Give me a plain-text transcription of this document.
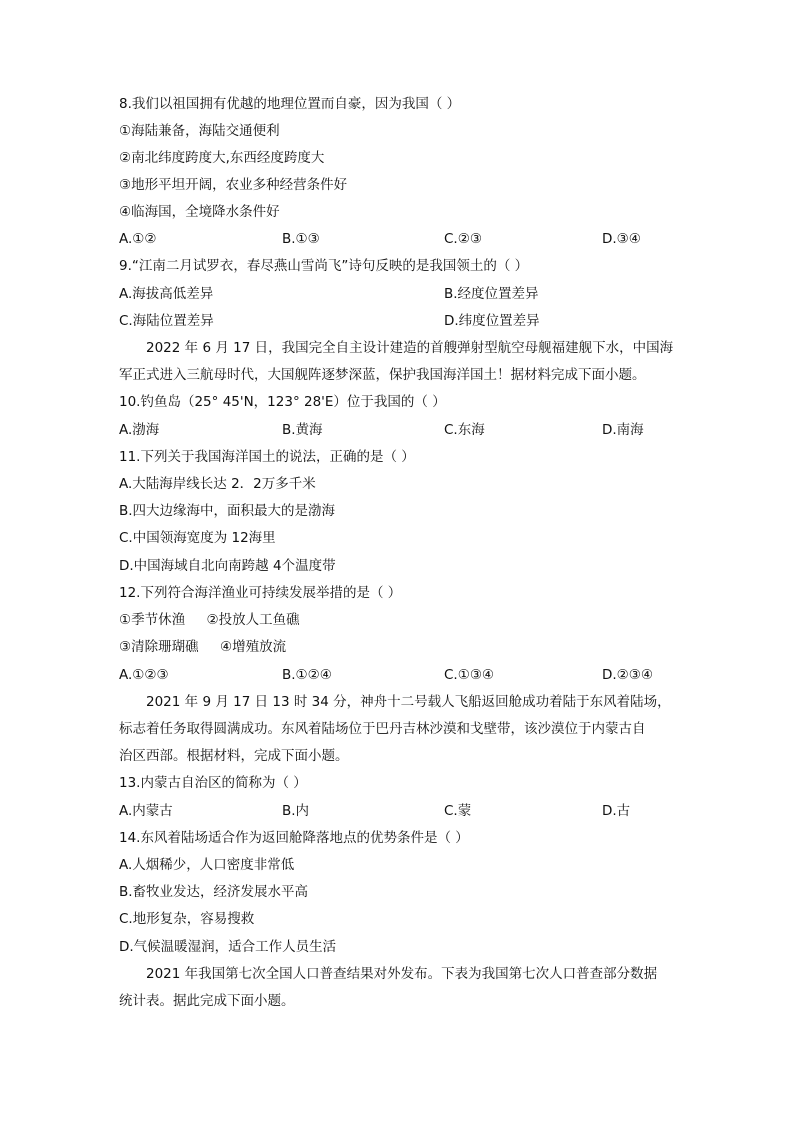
8.我们以祖国拥有优越的地理位置而自豪，因为我国（ ）
①海陆兼备，海陆交通便利
②南北纬度跨度大,东西经度跨度大
③地形平坦开阔，农业多种经营条件好
④临海国，全境降水条件好
A.①②	B.①③	C.②③	D.③④
9.“江南二月试罗衣，春尽燕山雪尚飞”诗句反映的是我国领土的（ ）
A.海拔高低差异	B.经度位置差异
C.海陆位置差异	D.纬度位置差异
2022 年 6 月 17 日，我国完全自主设计建造的首艘弹射型航空母舰福建舰下水，中国海
军正式进入三航母时代，大国舰阵逐梦深蓝，保护我国海洋国土！据材料完成下面小题。
10.钓鱼岛（25° 45'N，123° 28'E）位于我国的（ ）
A.渤海	B.黄海	C.东海	D.南海
11.下列关于我国海洋国土的说法，正确的是（ ）
A.大陆海岸线长达 2．2万多千米
B.四大边缘海中，面积最大的是渤海
C.中国领海宽度为 12海里
D.中国海域自北向南跨越 4个温度带
12.下列符合海洋渔业可持续发展举措的是（ ）
①季节休渔     ②投放人工鱼礁
③清除珊瑚礁     ④增殖放流
A.①②③	B.①②④	C.①③④	D.②③④
2021 年 9 月 17 日 13 时 34 分，神舟十二号载人飞船返回舱成功着陆于东风着陆场，
标志着任务取得圆满成功。东风着陆场位于巴丹吉林沙漠和戈壁带，该沙漠位于内蒙古自
治区西部。根据材料，完成下面小题。
13.内蒙古自治区的简称为（ ）
A.内蒙古	B.内	C.蒙	D.古
14.东风着陆场适合作为返回舱降落地点的优势条件是（ ）
A.人烟稀少，人口密度非常低
B.畜牧业发达，经济发展水平高
C.地形复杂，容易搜救
D.气候温暖湿润，适合工作人员生活
2021 年我国第七次全国人口普查结果对外发布。下表为我国第七次人口普查部分数据
统计表。据此完成下面小题。
